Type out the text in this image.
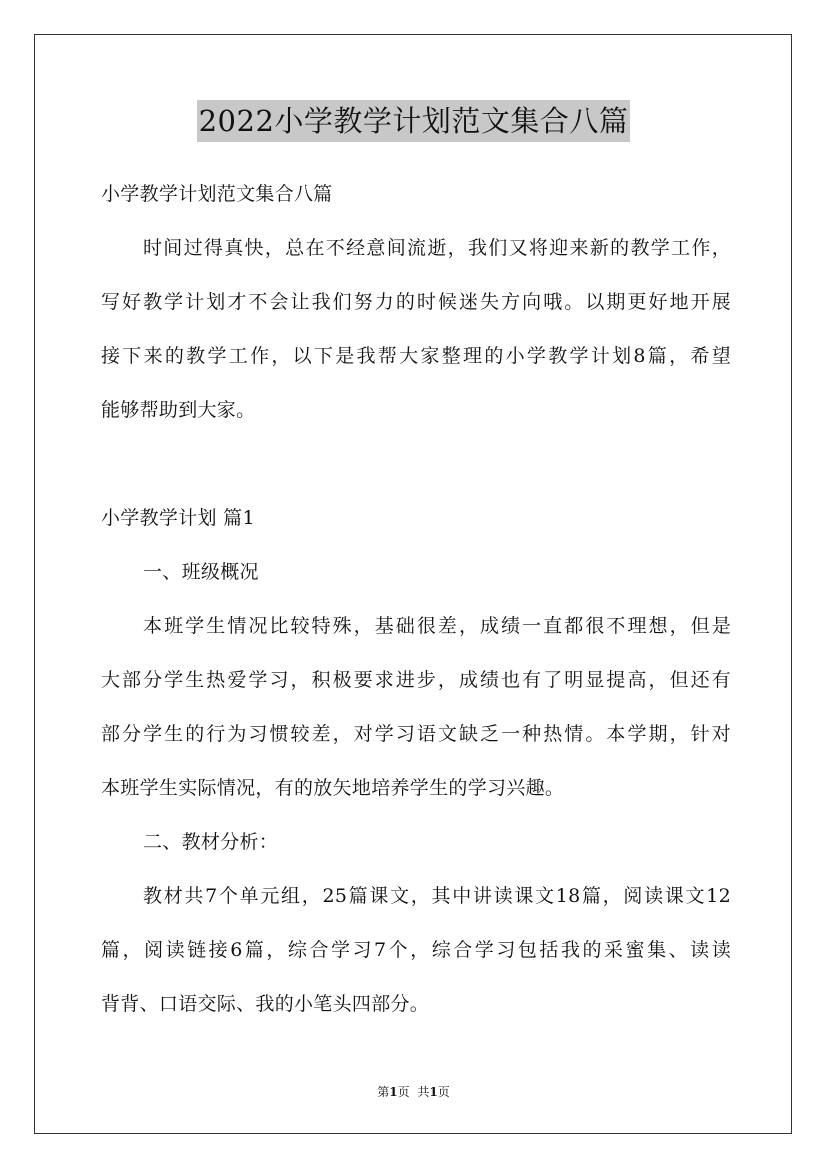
2022小学教学计划范文集合八篇
小学教学计划范文集合八篇
时间过得真快，总在不经意间流逝，我们又将迎来新的教学工作，
写好教学计划才不会让我们努力的时候迷失方向哦。以期更好地开展
接下来的教学工作，以下是我帮大家整理的小学教学计划8篇，希望
能够帮助到大家。
小学教学计划 篇1
一、班级概况
本班学生情况比较特殊，基础很差，成绩一直都很不理想，但是
大部分学生热爱学习，积极要求进步，成绩也有了明显提高，但还有
部分学生的行为习惯较差，对学习语文缺乏一种热情。本学期，针对
本班学生实际情况，有的放矢地培养学生的学习兴趣。
二、教材分析：
教材共7个单元组，25篇课文，其中讲读课文18篇，阅读课文12
篇，阅读链接6篇，综合学习7个，综合学习包括我的采蜜集、读读
背背、口语交际、我的小笔头四部分。
第1页 共1页
